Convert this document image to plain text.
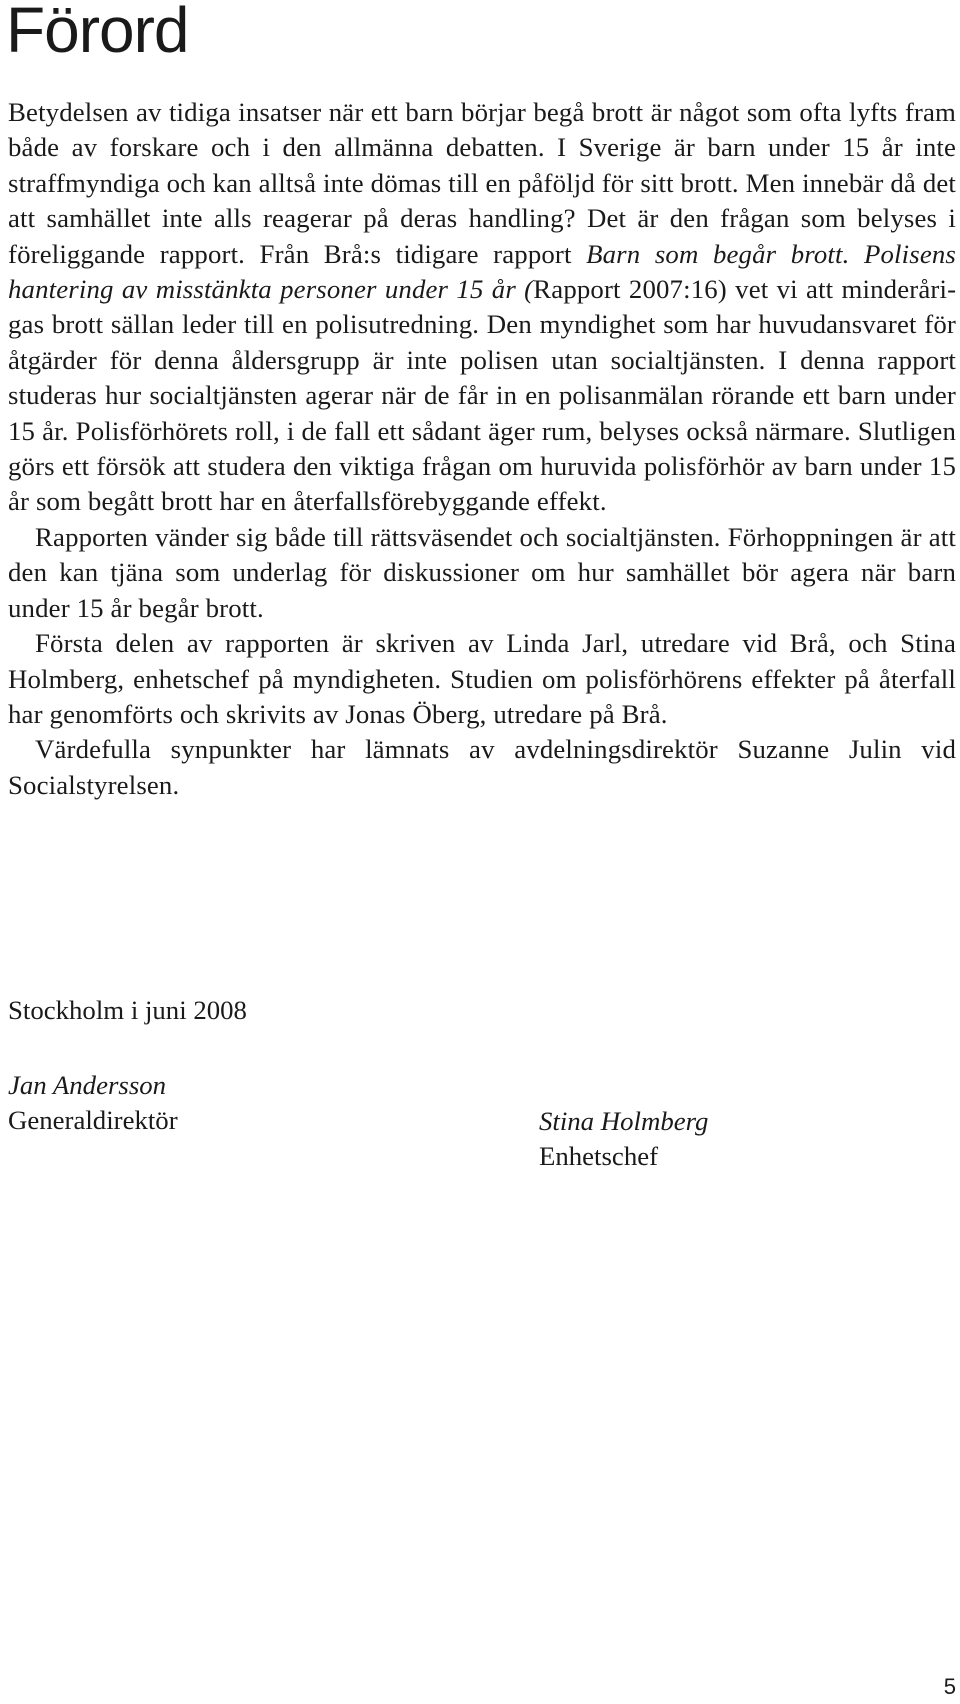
Förord

Betydelsen av tidiga insatser när ett barn börjar begå brott är något som ofta lyfts fram både av forskare och i den allmänna debatten. I Sverige är barn under 15 år inte straffmyndiga och kan alltså inte dömas till en påföljd för sitt brott. Men innebär då det att samhället inte alls reagerar på deras handling? Det är den frågan som belyses i föreliggande rapport. Från Brå:s tidigare rapport Barn som begår brott. Polisens hantering av misstänkta personer under 15 år (Rapport 2007:16) vet vi att minderårigas brott sällan leder till en polisutredning. Den myndighet som har huvudansvaret för åtgärder för denna åldersgrupp är inte polisen utan socialtjänsten. I denna rapport studeras hur socialtjänsten agerar när de får in en polisanmälan rörande ett barn under 15 år. Polisförhörets roll, i de fall ett sådant äger rum, belyses också närmare. Slutligen görs ett försök att studera den viktiga frågan om huruvida polisförhör av barn under 15 år som begått brott har en återfallsförebyggande effekt.

Rapporten vänder sig både till rättsväsendet och socialtjänsten. Förhoppningen är att den kan tjäna som underlag för diskussioner om hur samhället bör agera när barn under 15 år begår brott.

Första delen av rapporten är skriven av Linda Jarl, utredare vid Brå, och Stina Holmberg, enhetschef på myndigheten. Studien om polisförhörens effekter på återfall har genomförts och skrivits av Jonas Öberg, utredare på Brå.

Värdefulla synpunkter har lämnats av avdelningsdirektör Suzanne Julin vid Socialstyrelsen.

Stockholm i juni 2008

Jan Andersson
Generaldirektör	Stina Holmberg
Enhetschef
5
